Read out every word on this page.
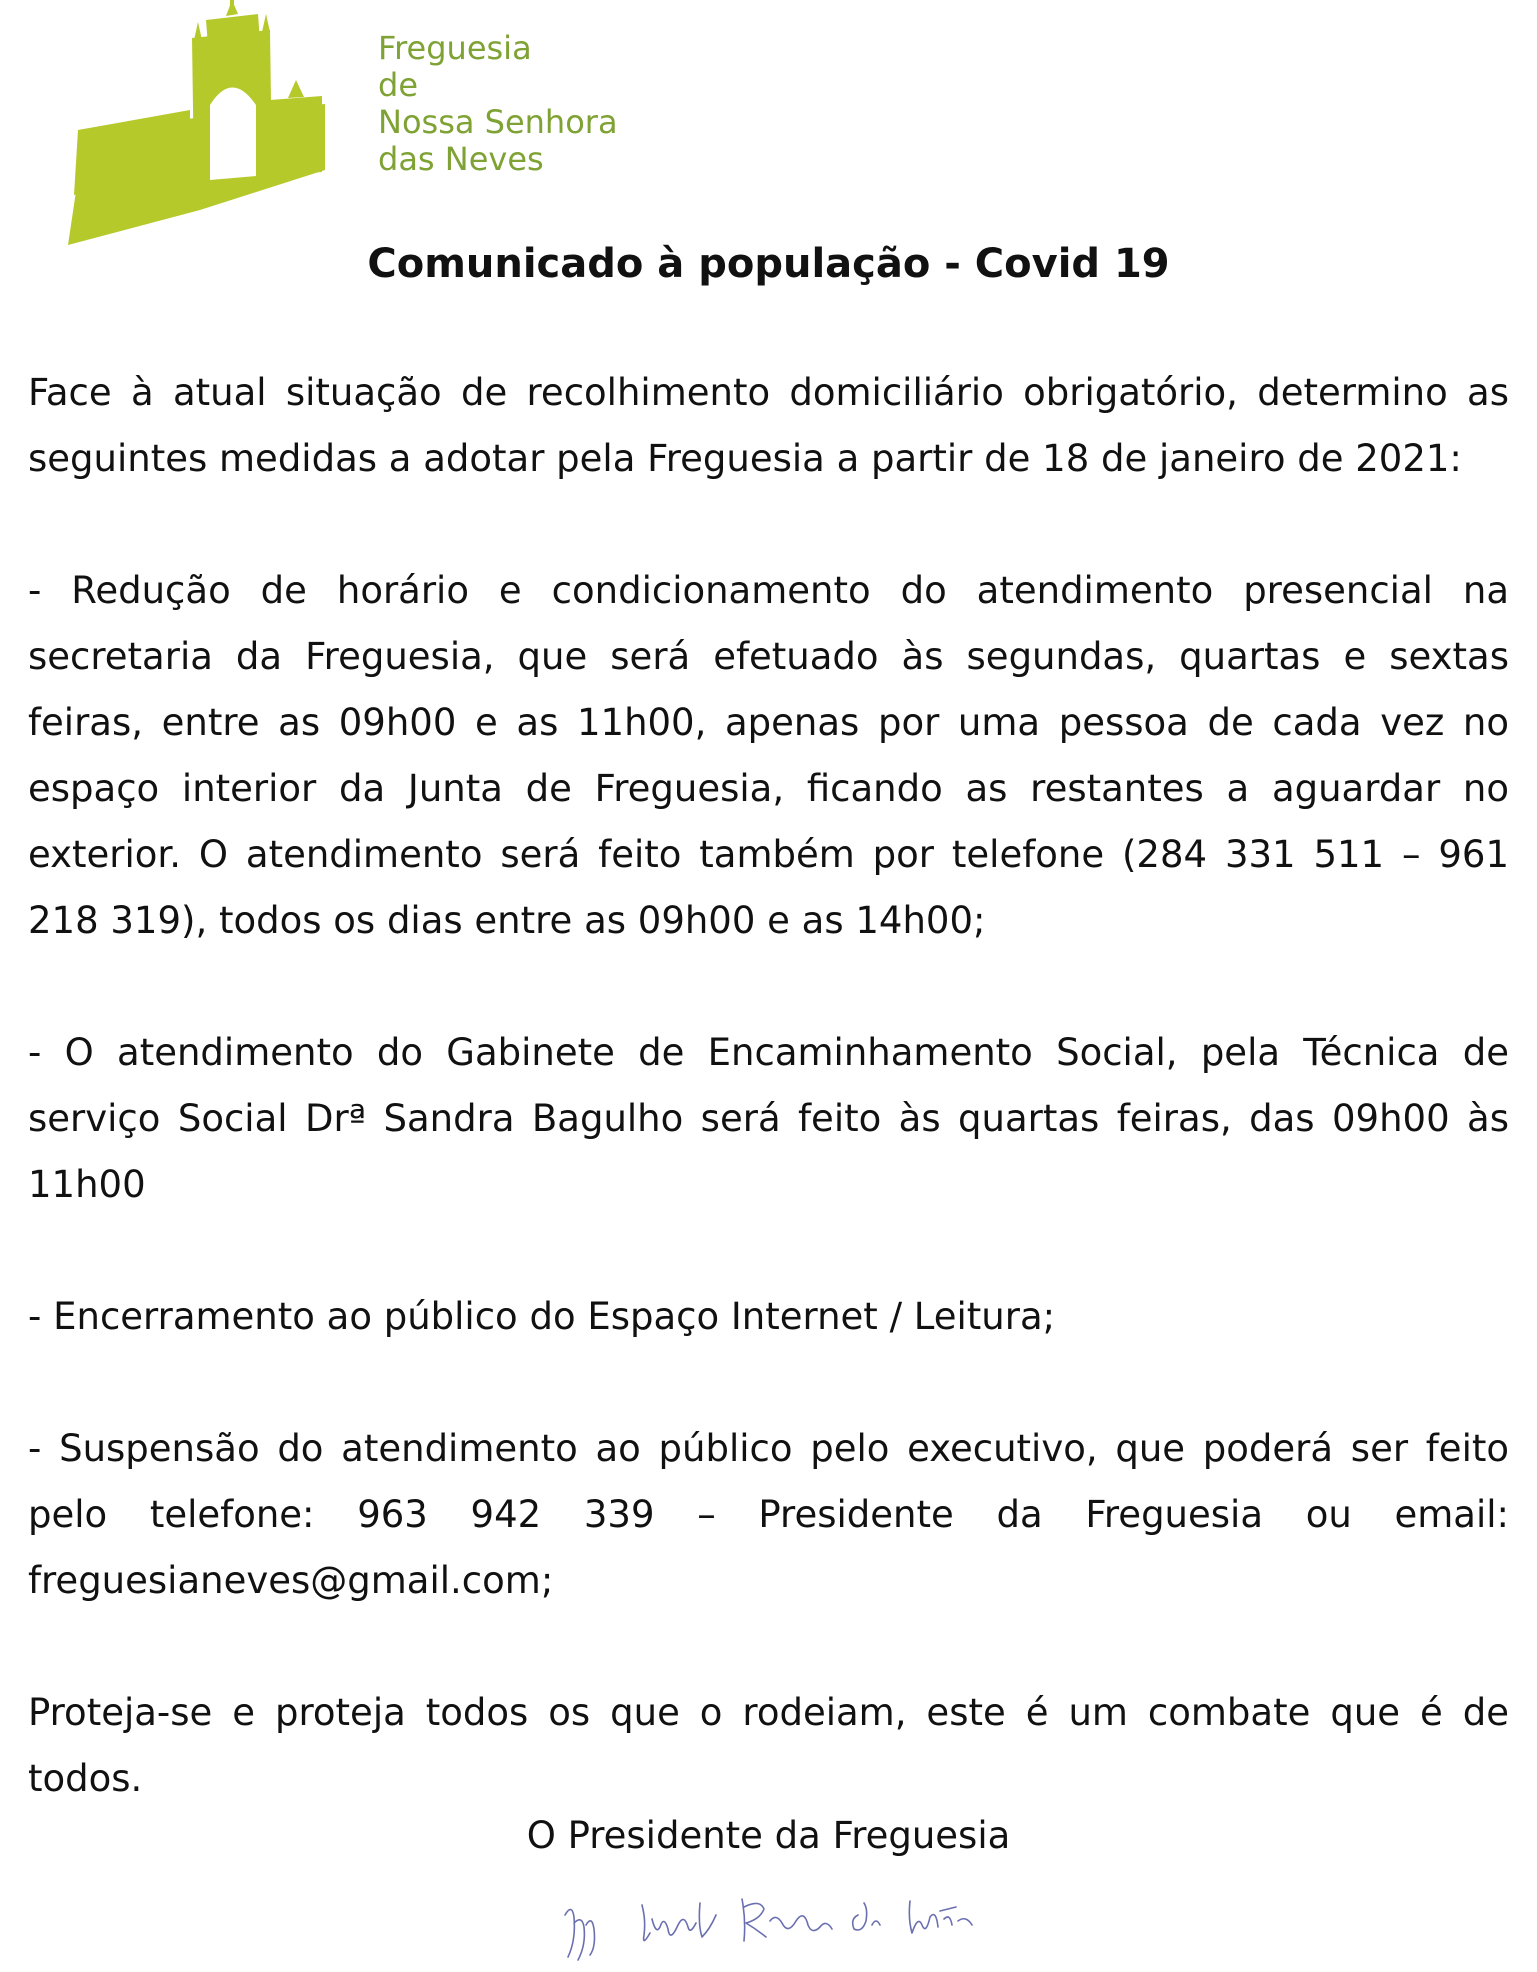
Freguesia
de
Nossa Senhora
das Neves
Comunicado à população - Covid 19

Face à atual situação de recolhimento domiciliário obrigatório, determino as seguintes medidas a adotar pela Freguesia a partir de 18 de janeiro de 2021:

- Redução de horário e condicionamento do atendimento presencial na secretaria da Freguesia, que será efetuado às segundas, quartas e sextas feiras, entre as 09h00 e as 11h00, apenas por uma pessoa de cada vez no espaço interior da Junta de Freguesia, ficando as restantes a aguardar no exterior. O atendimento será feito também por telefone (284 331 511 – 961 218 319), todos os dias entre as 09h00 e as 14h00;

- O atendimento do Gabinete de Encaminhamento Social, pela Técnica de serviço Social Drª Sandra Bagulho será feito às quartas feiras, das 09h00 às 11h00

- Encerramento ao público do Espaço Internet / Leitura;

- Suspensão do atendimento ao público pelo executivo, que poderá ser feito pelo telefone: 963 942 339 – Presidente da Freguesia ou email: freguesianeves@gmail.com;

Proteja-se e proteja todos os que o rodeiam, este é um combate que é de todos.

O Presidente da Freguesia
